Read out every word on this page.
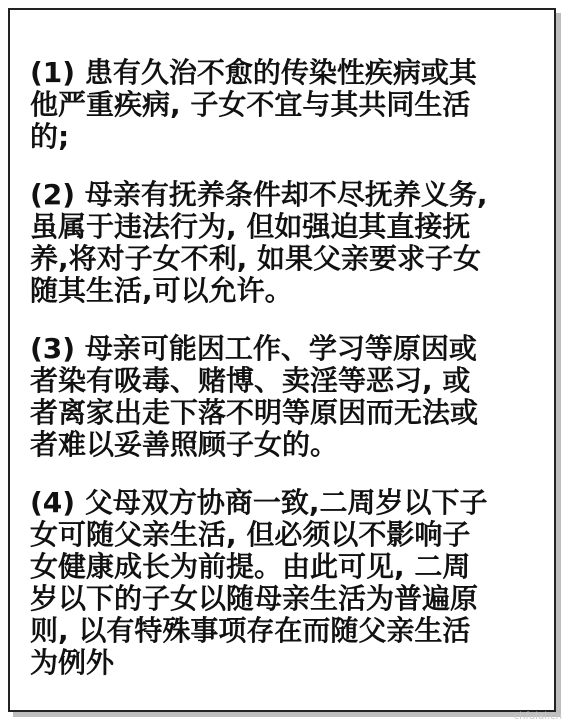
(1) 患有久治不愈的传染性疾病或其
他严重疾病, 子女不宜与其共同生活
的;

(2) 母亲有抚养条件却不尽抚养义务,
虽属于违法行为, 但如强迫其直接抚
养,将对子女不利, 如果父亲要求子女
随其生活,可以允许。

(3) 母亲可能因工作、学习等原因或
者染有吸毒、赌博、卖淫等恶习, 或
者离家出走下落不明等原因而无法或
者难以妥善照顾子女的。

(4) 父母双方协商一致,二周岁以下子
女可随父亲生活, 但必须以不影响子
女健康成长为前提。由此可见, 二周
岁以下的子女以随母亲生活为普遍原
则, 以有特殊事项存在而随父亲生活
为例外

chfulai.cn
